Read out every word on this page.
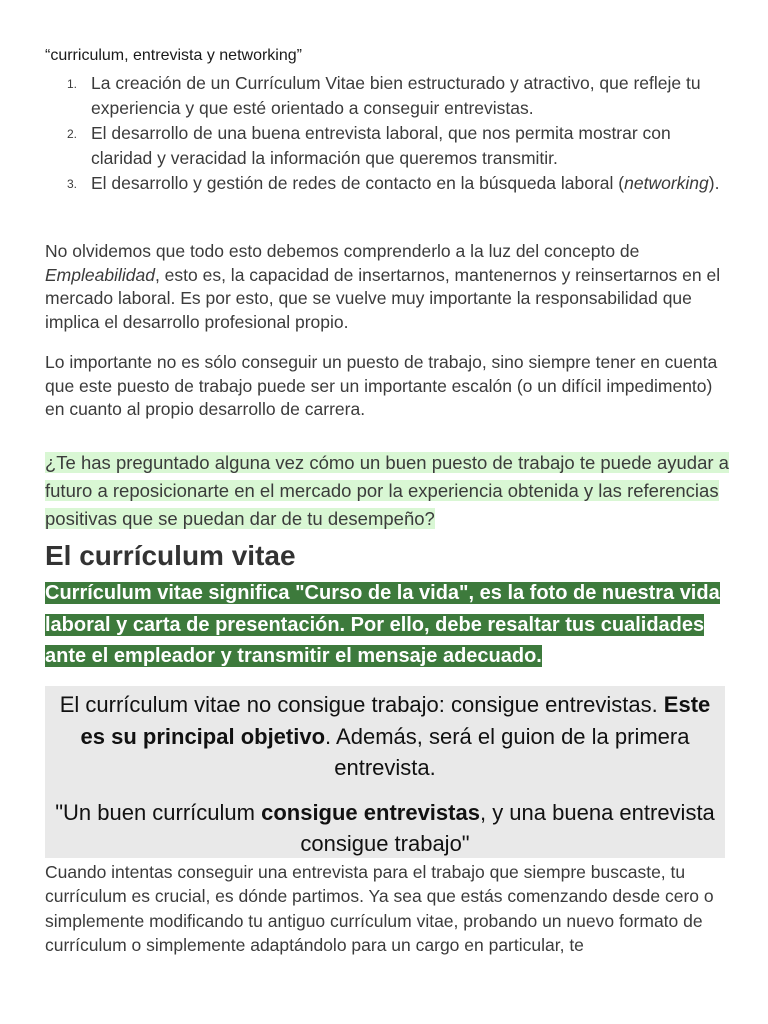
“curriculum, entrevista y networking”

1. La creación de un Currículum Vitae bien estructurado y atractivo, que refleje tu experiencia y que esté orientado a conseguir entrevistas.
2. El desarrollo de una buena entrevista laboral, que nos permita mostrar con claridad y veracidad la información que queremos transmitir.
3. El desarrollo y gestión de redes de contacto en la búsqueda laboral (networking).

No olvidemos que todo esto debemos comprenderlo a la luz del concepto de Empleabilidad, esto es, la capacidad de insertarnos, mantenernos y reinsertarnos en el mercado laboral. Es por esto, que se vuelve muy importante la responsabilidad que implica el desarrollo profesional propio.

Lo importante no es sólo conseguir un puesto de trabajo, sino siempre tener en cuenta que este puesto de trabajo puede ser un importante escalón (o un difícil impedimento) en cuanto al propio desarrollo de carrera.

¿Te has preguntado alguna vez cómo un buen puesto de trabajo te puede ayudar a futuro a reposicionarte en el mercado por la experiencia obtenida y las referencias positivas que se puedan dar de tu desempeño?

El currículum vitae

Currículum vitae significa "Curso de la vida", es la foto de nuestra vida laboral y carta de presentación. Por ello, debe resaltar tus cualidades ante el empleador y transmitir el mensaje adecuado.

El currículum vitae no consigue trabajo: consigue entrevistas. Este es su principal objetivo. Además, será el guion de la primera entrevista.

"Un buen currículum consigue entrevistas, y una buena entrevista consigue trabajo"

Cuando intentas conseguir una entrevista para el trabajo que siempre buscaste, tu currículum es crucial, es dónde partimos. Ya sea que estás comenzando desde cero o simplemente modificando tu antiguo currículum vitae, probando un nuevo formato de currículum o simplemente adaptándolo para un cargo en particular, te
